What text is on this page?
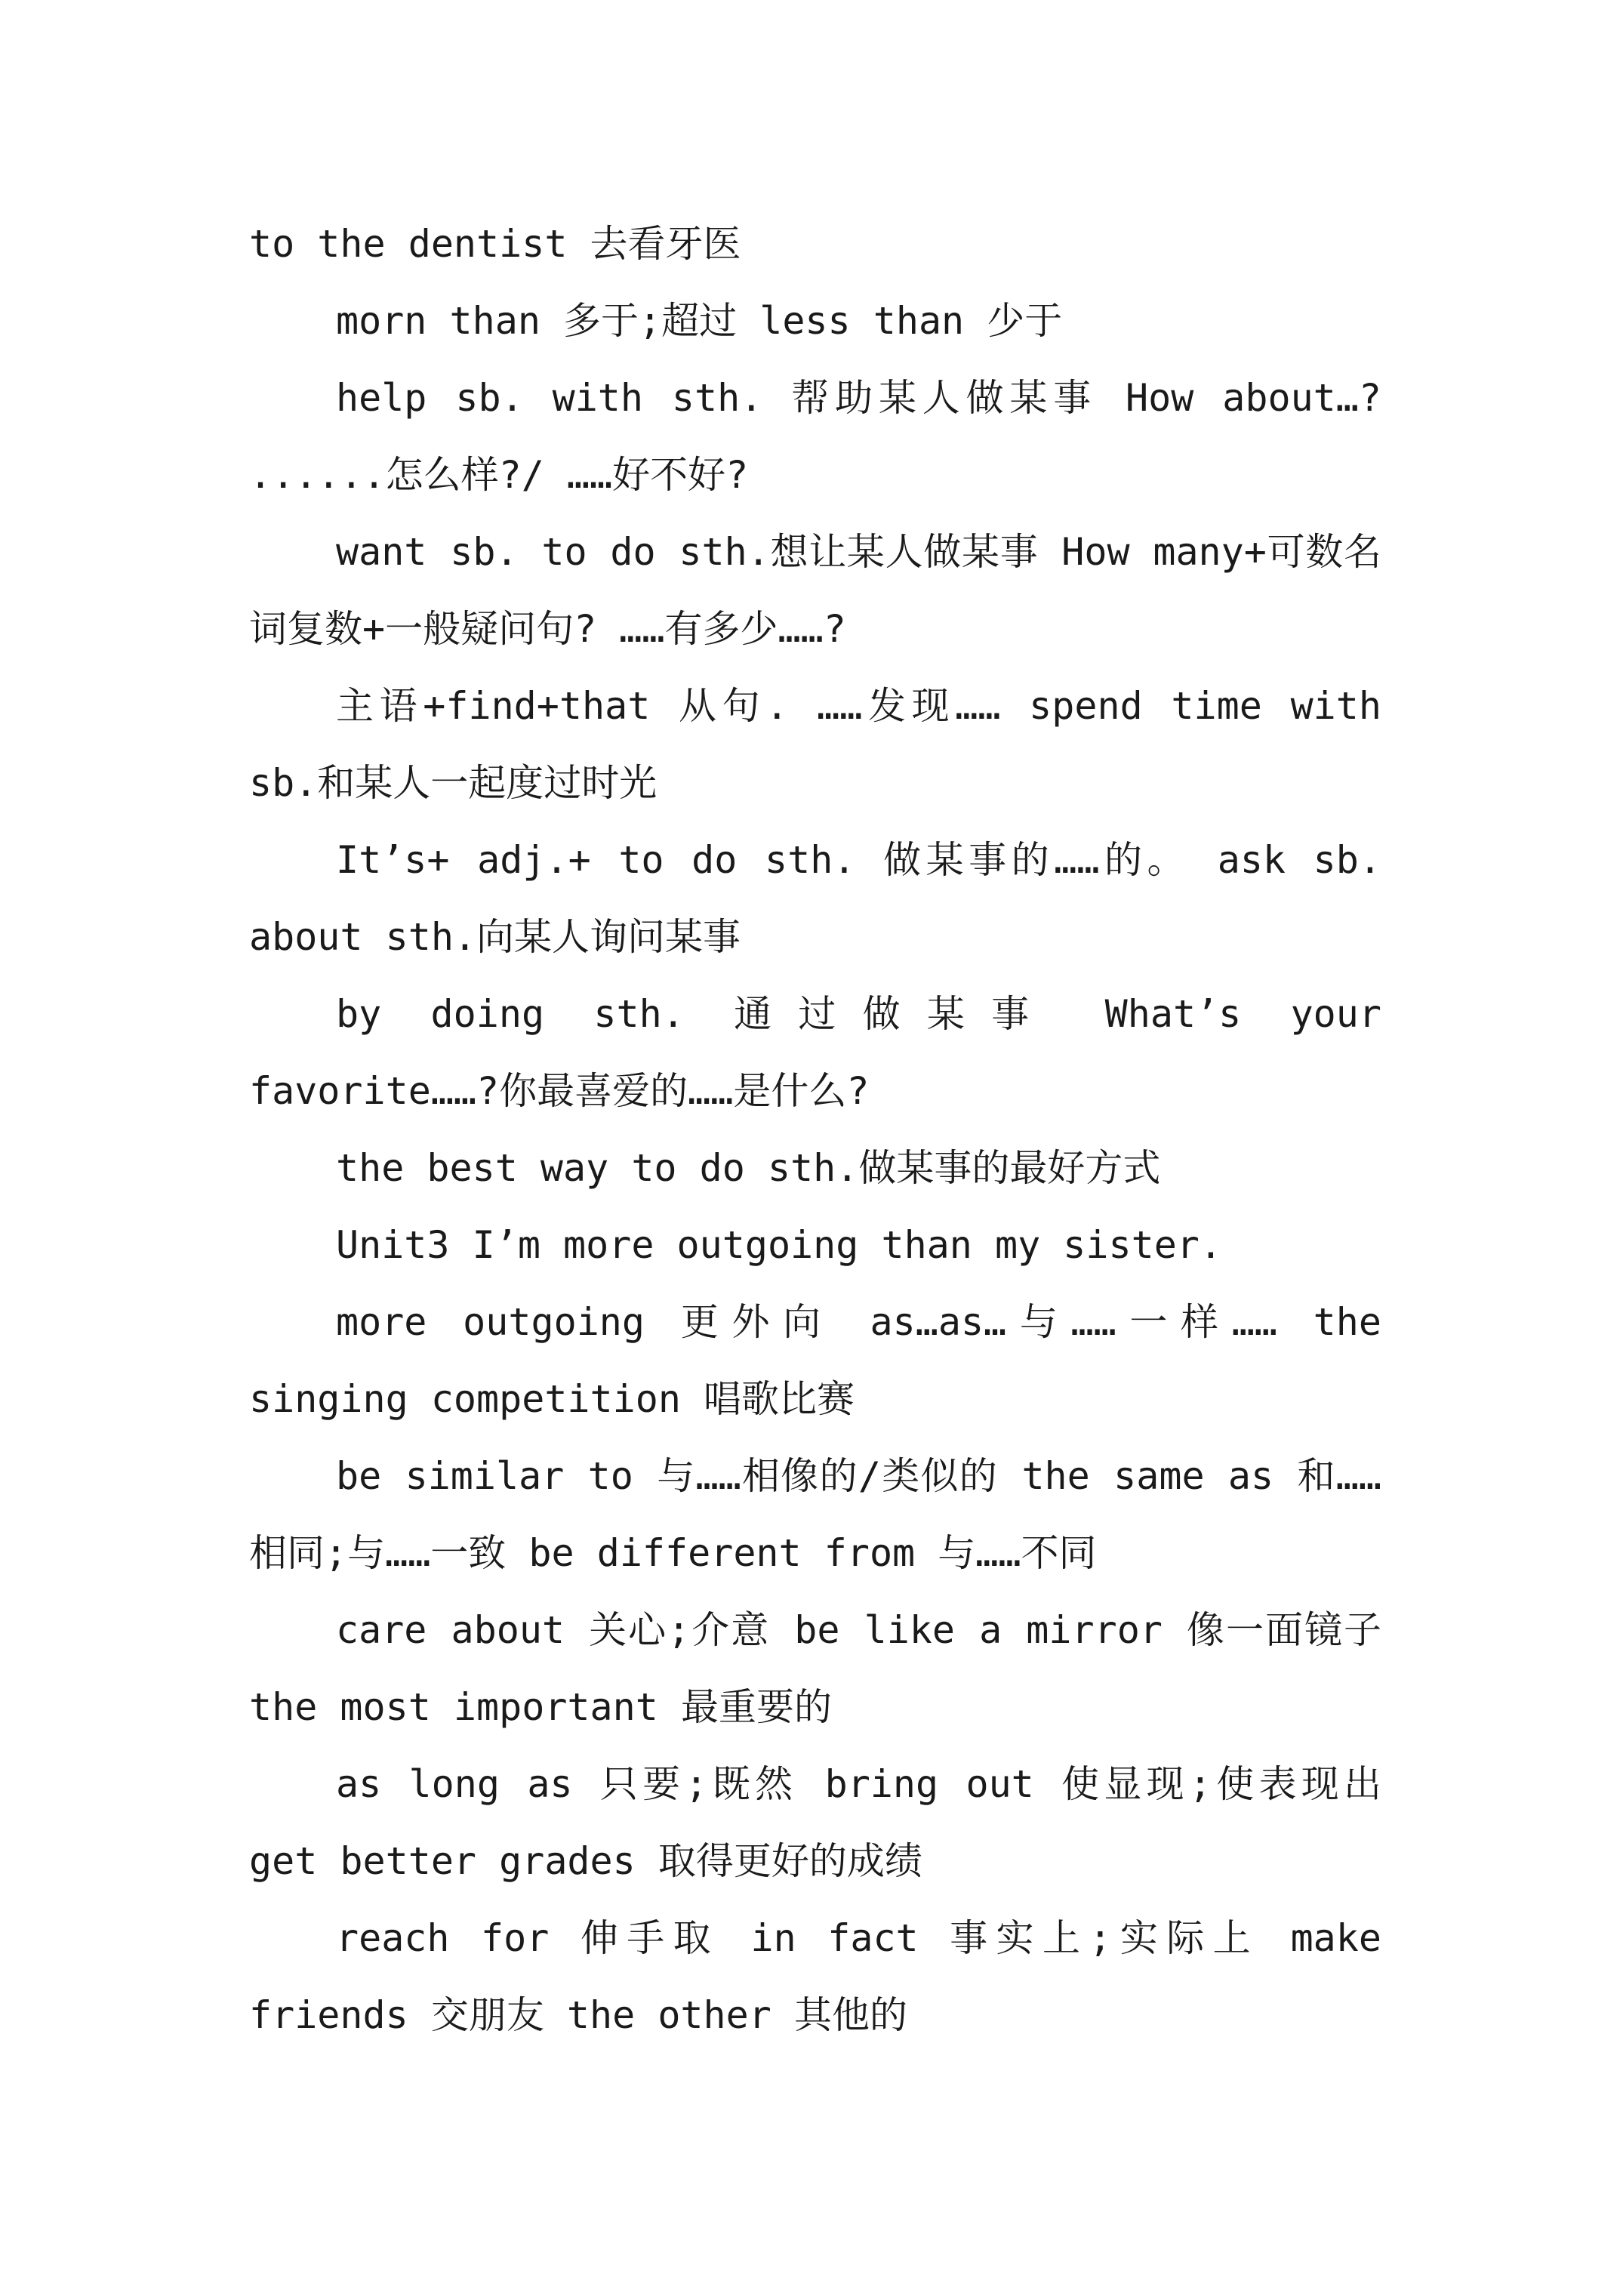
to the dentist 去看牙医

morn than 多于;超过 less than 少于

help sb. with sth. 帮助某人做某事 How about…? ......怎么样?/ ……好不好?

want sb. to do sth.想让某人做某事 How many+可数名词复数+一般疑问句? ……有多少……?

主语+find+that 从句. ……发现…… spend time with sb.和某人一起度过时光

It’s+ adj.+ to do sth. 做某事的……的。 ask sb. about sth.向某人询问某事

by doing sth. 通过做某事 What’s your favorite……?你最喜爱的……是什么?

the best way to do sth.做某事的最好方式

Unit3 I’m more outgoing than my sister.

more outgoing 更外向 as…as…与……一样…… the singing competition 唱歌比赛

be similar to 与……相像的/类似的 the same as 和……相同;与……一致 be different from 与……不同

care about 关心;介意 be like a mirror 像一面镜子 the most important 最重要的

as long as 只要;既然 bring out 使显现;使表现出 get better grades 取得更好的成绩

reach for 伸手取 in fact 事实上;实际上 make friends 交朋友 the other 其他的
